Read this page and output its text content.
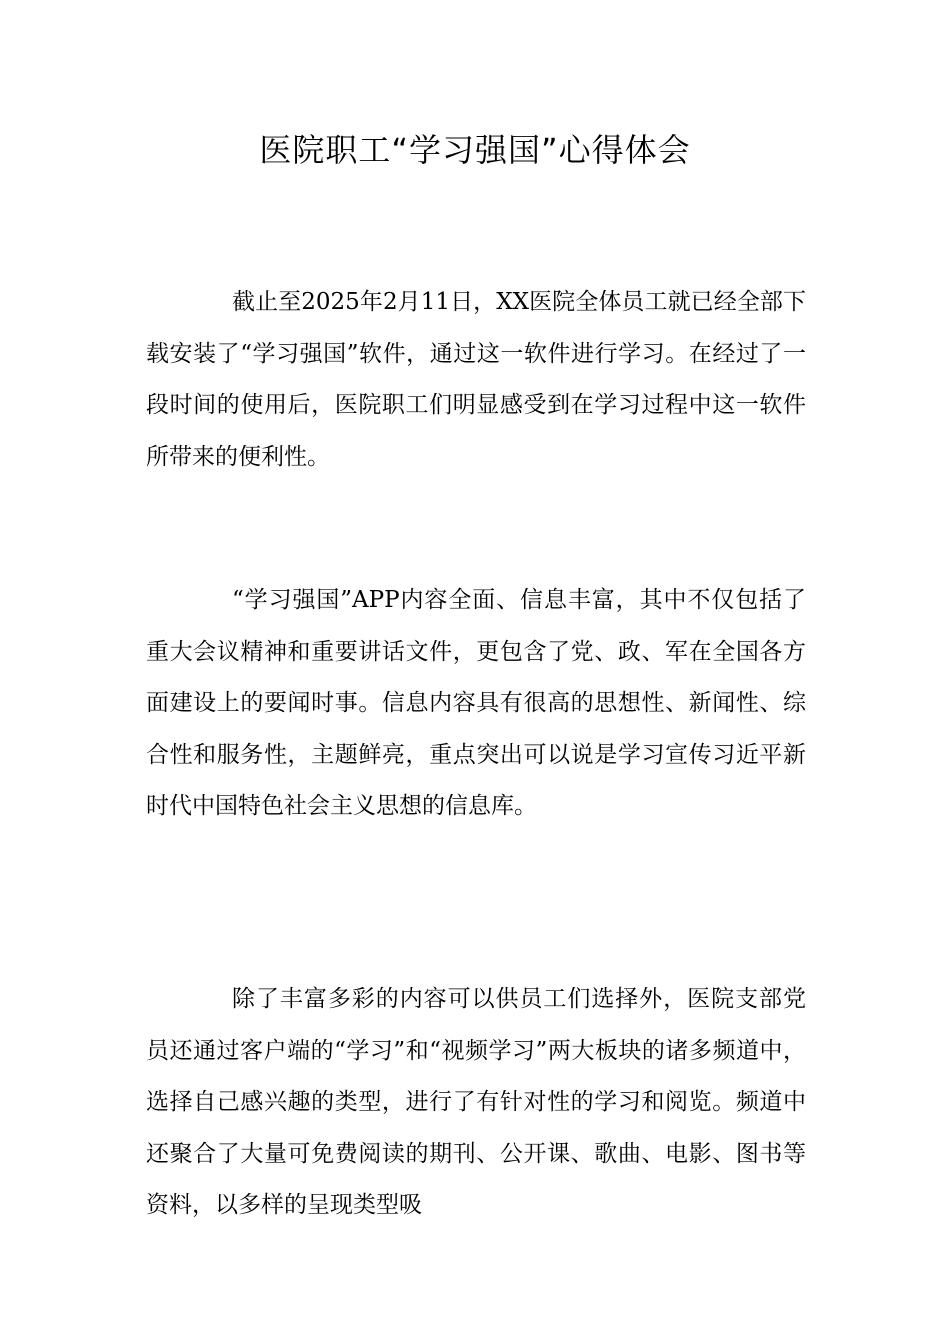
医院职工“学习强国”心得体会

截止至2025年2月11日，XX医院全体员工就已经全部下载安装了“学习强国”软件，通过这一软件进行学习。在经过了一段时间的使用后，医院职工们明显感受到在学习过程中这一软件所带来的便利性。

“学习强国”APP内容全面、信息丰富，其中不仅包括了重大会议精神和重要讲话文件，更包含了党、政、军在全国各方面建设上的要闻时事。信息内容具有很高的思想性、新闻性、综合性和服务性，主题鲜亮，重点突出可以说是学习宣传习近平新时代中国特色社会主义思想的信息库。

除了丰富多彩的内容可以供员工们选择外，医院支部党员还通过客户端的“学习”和“视频学习”两大板块的诸多频道中，选择自己感兴趣的类型，进行了有针对性的学习和阅览。频道中还聚合了大量可免费阅读的期刊、公开课、歌曲、电影、图书等资料，以多样的呈现类型吸
